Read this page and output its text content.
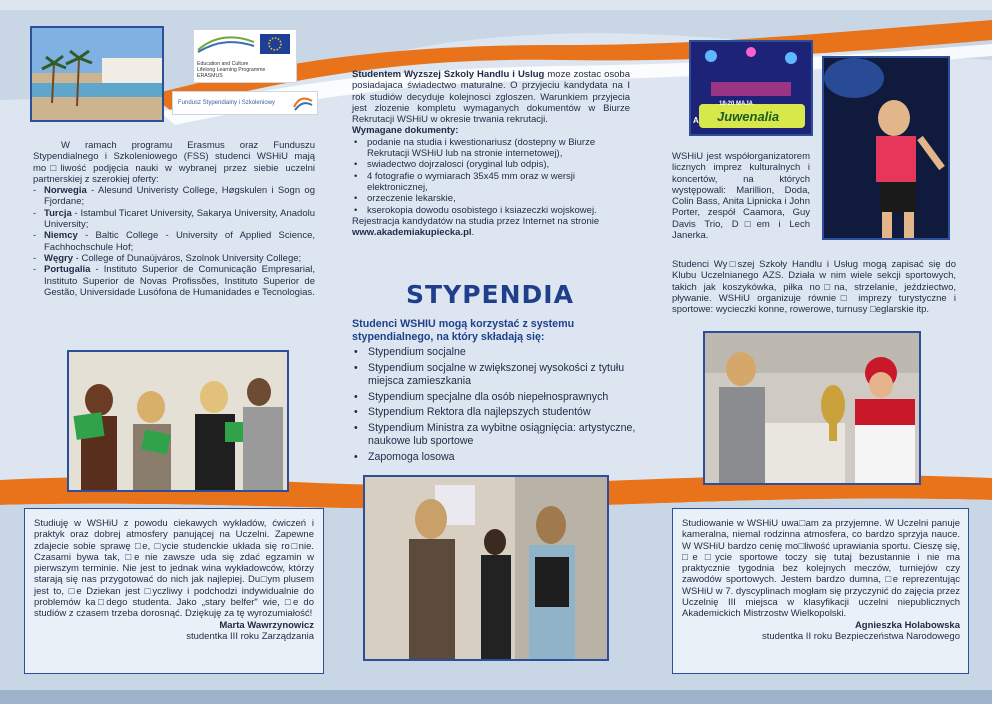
Education and Culture
Lifelong Learning Programme
ERASMUS
Fundusz Stypendialny i Szkoleniowy
W ramach programu Erasmus oraz Funduszu Stypendialnego i Szkoleniowego (FSS) studenci WSHiU mają mo□liwość podjęcia nauki w wybranej przez siebie uczelni partnerskiej z szerokiej oferty:
- Norwegia - Alesund Univeristy College, Høgskulen i Sogn og Fjordane;
- Turcja - Istambul Ticaret University, Sakarya University, Anadolu University;
- Niemcy - Baltic College - University of Applied Science, Fachhochschule Hof;
- Węgry - College of Dunaújváros, Szolnok University College;
- Portugalia - Instituto Superior de Comunicação Empresarial, Instituto Superior de Novas Profissões, Instituto Superior de Gestão, Universidade Lusófona de Humanidades e Tecnologias.
Studiuję w WSHiU z powodu ciekawych wykładów, ćwiczeń i praktyk oraz dobrej atmosfery panującej na Uczelni. Zapewne zdajecie sobie sprawę □e, □ycie studenckie układa się ro□nie. Czasami bywa tak, □e nie zawsze uda się zdać egzamin w pierwszym terminie. Nie jest to jednak wina wykładowców, którzy starają się nas przygotować do nich jak najlepiej. Du□ym plusem jest to, □e Dziekan jest □yczliwy i podchodzi indywidualnie do problemów ka□dego studenta. Jako „stary belfer" wie, □e do studiów z czasem trzeba dorosnąć. Dziękuję za tę wyrozumiałość!
Marta Wawrzynowicz
studentka III roku Zarządzania
Studentem Wyzszej Szkoly Handlu i Uslug moze zostac osoba posiadajaca świadectwo maturalne. O przyjeciu kandydata na I rok studiów decyduje kolejnosci zgloszen. Warunkiem przyjecia jest zlozenie kompletu wymaganych dokumentów w Biurze Rekrutacji WSHiU w okresie trwania rekrutacji.
Wymagane dokumenty:
• podanie na studia i kwestionariusz (dostepny w Biurze Rekrutacji WSHiU lub na stronie internetowej),
• swiadectwo dojrzalosci (oryginal lub odpis),
• 4 fotografie o wymiarach 35x45 mm oraz w wersji elektronicznej,
• orzeczenie lekarskie,
• kserokopia dowodu osobistego i ksiazeczki wojskowej.
Rejestracja kandydatów na studia przez Internet na stronie www.akademiakupiecka.pl.
STYPENDIA
Studenci WSHIU mogą korzystać z systemu stypendialnego, na który składają się:
• Stypendium socjalne
• Stypendium socjalne w zwiększonej wysokości z tytułu miejsca zamieszkania
• Stypendium specjalne dla osób niepełnosprawnych
• Stypendium Rektora dla najlepszych studentów
• Stypendium Ministra za wybitne osiągnięcia: artystyczne, naukowe lub sportowe
• Zapomoga losowa
A
18-20 MAJA
Juwenalia
WSHiU jest współorganizatorem licznych imprez kulturalnych i koncertów, na których występowali: Marillion, Doda, Colin Bass, Anita Lipnicka i John Porter, zespół Caamora, Guy Davis Trio, D□em i Lech Janerka.
Studenci Wy□szej Szkoły Handlu i Usług mogą zapisać się do Klubu Uczelnianego AZS. Działa w nim wiele sekcji sportowych, takich jak koszykówka, piłka no□na, strzelanie, jeździectwo, pływanie. WSHiU organizuje równie□ imprezy turystyczne i sportowe: wycieczki konne, rowerowe, turnusy □eglarskie itp.
Studiowanie w WSHiU uwa□am za przyjemne. W Uczelni panuje kameralna, niemal rodzinna atmosfera, co bardzo sprzyja nauce. W WSHiU bardzo cenię mo□liwość uprawiania sportu. Cieszę się, □e □ycie sportowe toczy się tutaj bezustannie i nie ma praktycznie tygodnia bez kolejnych meczów, turniejów czy zawodów sportowych. Jestem bardzo dumna, □e reprezentując WSHiU w 7. dyscyplinach mogłam się przyczynić do zajęcia przez Uczelnię III miejsca w klasyfikacji uczelni niepublicznych Akademickich Mistrzostw Wielkopolski.
Agnieszka Holabowska
studentka II roku Bezpieczeństwa Narodowego
